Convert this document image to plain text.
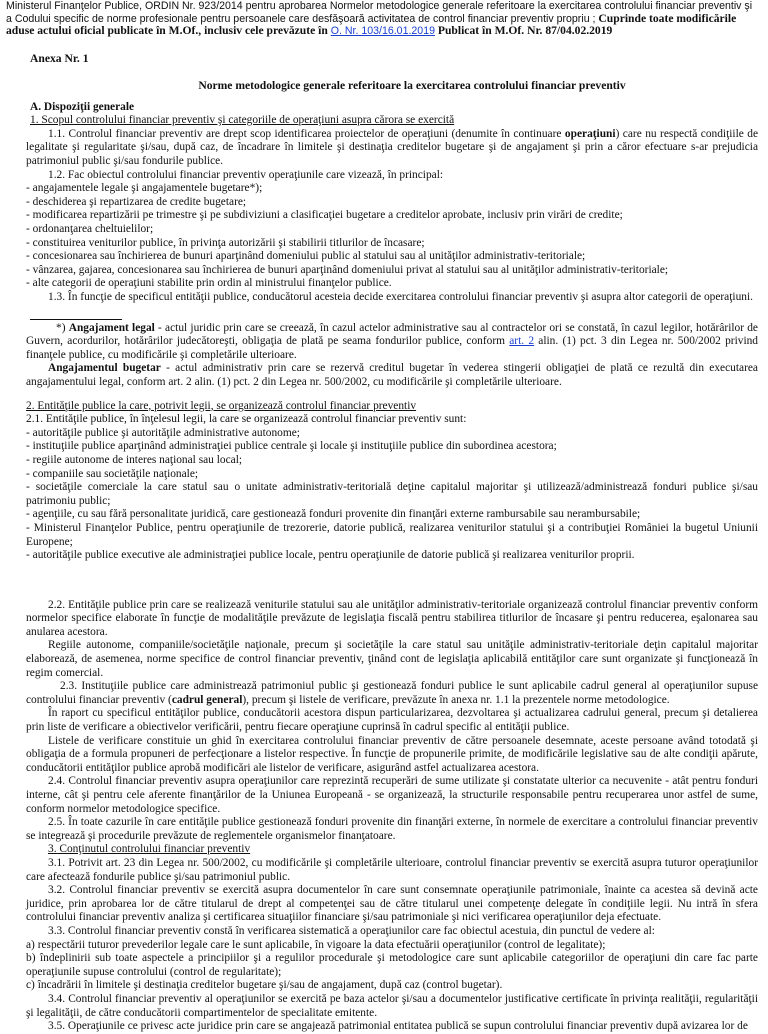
Ministerul Finanţelor Publice, ORDIN Nr. 923/2014 pentru aprobarea Normelor metodologice generale referitoare la exercitarea controlului financiar preventiv şi a Codului specific de norme profesionale pentru persoanele care desfăşoară activitatea de control financiar preventiv propriu ; Cuprinde toate modificările aduse actului oficial publicate în M.Of., inclusiv cele prevăzute în O. Nr. 103/16.01.2019 Publicat în M.Of. Nr. 87/04.02.2019
Anexa Nr. 1
Norme metodologice generale referitoare la exercitarea controlului financiar preventiv
A. Dispoziţii generale

1. Scopul controlului financiar preventiv şi categoriile de operaţiuni asupra cărora se exercită

1.1. Controlul financiar preventiv are drept scop identificarea proiectelor de operaţiuni (denumite în continuare operaţiuni) care nu respectă condiţiile de legalitate şi regularitate şi/sau, după caz, de încadrare în limitele şi destinaţia creditelor bugetare şi de angajament şi prin a căror efectuare s-ar prejudicia patrimoniul public şi/sau fondurile publice.

1.2. Fac obiectul controlului financiar preventiv operaţiunile care vizează, în principal:

- angajamentele legale şi angajamentele bugetare*);

- deschiderea şi repartizarea de credite bugetare;

- modificarea repartizării pe trimestre şi pe subdiviziuni a clasificaţiei bugetare a creditelor aprobate, inclusiv prin virări de credite;

- ordonanţarea cheltuielilor;

- constituirea veniturilor publice, în privinţa autorizării şi stabilirii titlurilor de încasare;

- concesionarea sau închirierea de bunuri aparţinând domeniului public al statului sau al unităţilor administrativ-teritoriale;

- vânzarea, gajarea, concesionarea sau închirierea de bunuri aparţinând domeniului privat al statului sau al unităţilor administrativ-teritoriale;

- alte categorii de operaţiuni stabilite prin ordin al ministrului finanţelor publice.

1.3. În funcţie de specificul entităţii publice, conducătorul acesteia decide exercitarea controlului financiar preventiv şi asupra altor categorii de operaţiuni.

*) Angajament legal - actul juridic prin care se creează, în cazul actelor administrative sau al contractelor ori se constată, în cazul legilor, hotărârilor de Guvern, acordurilor, hotărârilor judecătoreşti, obligaţia de plată pe seama fondurilor publice, conform art. 2 alin. (1) pct. 3 din Legea nr. 500/2002 privind finanţele publice, cu modificările şi completările ulterioare.

Angajamentul bugetar - actul administrativ prin care se rezervă creditul bugetar în vederea stingerii obligaţiei de plată ce rezultă din executarea angajamentului legal, conform art. 2 alin. (1) pct. 2 din Legea nr. 500/2002, cu modificările şi completările ulterioare.

2. Entităţile publice la care, potrivit legii, se organizează controlul financiar preventiv

2.1. Entităţile publice, în înţelesul legii, la care se organizează controlul financiar preventiv sunt:

- autorităţile publice şi autorităţile administrative autonome;

- instituţiile publice aparţinând administraţiei publice centrale şi locale şi instituţiile publice din subordinea acestora;

- regiile autonome de interes naţional sau local;

- companiile sau societăţile naţionale;

- societăţile comerciale la care statul sau o unitate administrativ-teritorială deţine capitalul majoritar şi utilizează/administrează fonduri publice şi/sau patrimoniu public;

- agenţiile, cu sau fără personalitate juridică, care gestionează fonduri provenite din finanţări externe rambursabile sau nerambursabile;

- Ministerul Finanţelor Publice, pentru operaţiunile de trezorerie, datorie publică, realizarea veniturilor statului şi a contribuţiei României la bugetul Uniunii Europene;

- autorităţile publice executive ale administraţiei publice locale, pentru operaţiunile de datorie publică şi realizarea veniturilor proprii.

2.2. Entităţile publice prin care se realizează veniturile statului sau ale unităţilor administrativ-teritoriale organizează controlul financiar preventiv conform normelor specifice elaborate în funcţie de modalităţile prevăzute de legislaţia fiscală pentru stabilirea titlurilor de încasare şi pentru reducerea, eşalonarea sau anularea acestora.

Regiile autonome, companiile/societăţile naţionale, precum şi societăţile la care statul sau unităţile administrativ-teritoriale deţin capitalul majoritar elaborează, de asemenea, norme specifice de control financiar preventiv, ţinând cont de legislaţia aplicabilă entităţilor care sunt organizate şi funcţionează în regim comercial.

2.3. Instituţiile publice care administrează patrimoniul public şi gestionează fonduri publice le sunt aplicabile cadrul general al operaţiunilor supuse controlului financiar preventiv (cadrul general), precum şi listele de verificare, prevăzute în anexa nr. 1.1 la prezentele norme metodologice.

În raport cu specificul entităţilor publice, conducătorii acestora dispun particularizarea, dezvoltarea şi actualizarea cadrului general, precum şi detalierea prin liste de verificare a obiectivelor verificării, pentru fiecare operaţiune cuprinsă în cadrul specific al entităţii publice.

Listele de verificare constituie un ghid în exercitarea controlului financiar preventiv de către persoanele desemnate, aceste persoane având totodată şi obligaţia de a formula propuneri de perfecţionare a listelor respective. În funcţie de propunerile primite, de modificările legislative sau de alte condiţii apărute, conducătorii entităţilor publice aprobă modificări ale listelor de verificare, asigurând astfel actualizarea acestora.

2.4. Controlul financiar preventiv asupra operaţiunilor care reprezintă recuperări de sume utilizate şi constatate ulterior ca necuvenite - atât pentru fonduri interne, cât şi pentru cele aferente finanţărilor de la Uniunea Europeană - se organizează, la structurile responsabile pentru recuperarea unor astfel de sume, conform normelor metodologice specifice.

2.5. În toate cazurile în care entităţile publice gestionează fonduri provenite din finanţări externe, în normele de exercitare a controlului financiar preventiv se integrează şi procedurile prevăzute de reglementele organismelor finanţatoare.

3. Conţinutul controlului financiar preventiv

3.1. Potrivit art. 23 din Legea nr. 500/2002, cu modificările şi completările ulterioare, controlul financiar preventiv se exercită asupra tuturor operaţiunilor care afectează fondurile publice şi/sau patrimoniul public.

3.2. Controlul financiar preventiv se exercită asupra documentelor în care sunt consemnate operaţiunile patrimoniale, înainte ca acestea să devină acte juridice, prin aprobarea lor de către titularul de drept al competenţei sau de către titularul unei competenţe delegate în condiţiile legii. Nu intră în sfera controlului financiar preventiv analiza şi certificarea situaţiilor financiare şi/sau patrimoniale şi nici verificarea operaţiunilor deja efectuate.

3.3. Controlul financiar preventiv constă în verificarea sistematică a operaţiunilor care fac obiectul acestuia, din punctul de vedere al:

a) respectării tuturor prevederilor legale care le sunt aplicabile, în vigoare la data efectuării operaţiunilor (control de legalitate);

b) îndeplinirii sub toate aspectele a principiilor şi a regulilor procedurale şi metodologice care sunt aplicabile categoriilor de operaţiuni din care fac parte operaţiunile supuse controlului (control de regularitate);

c) încadrării în limitele şi destinaţia creditelor bugetare şi/sau de angajament, după caz (control bugetar).

3.4. Controlul financiar preventiv al operaţiunilor se exercită pe baza actelor şi/sau a documentelor justificative certificate în privinţa realităţii, regularităţii şi legalităţii, de către conducătorii compartimentelor de specialitate emitente.

3.5. Operaţiunile ce privesc acte juridice prin care se angajează patrimonial entitatea publică se supun controlului financiar preventiv după avizarea lor de
